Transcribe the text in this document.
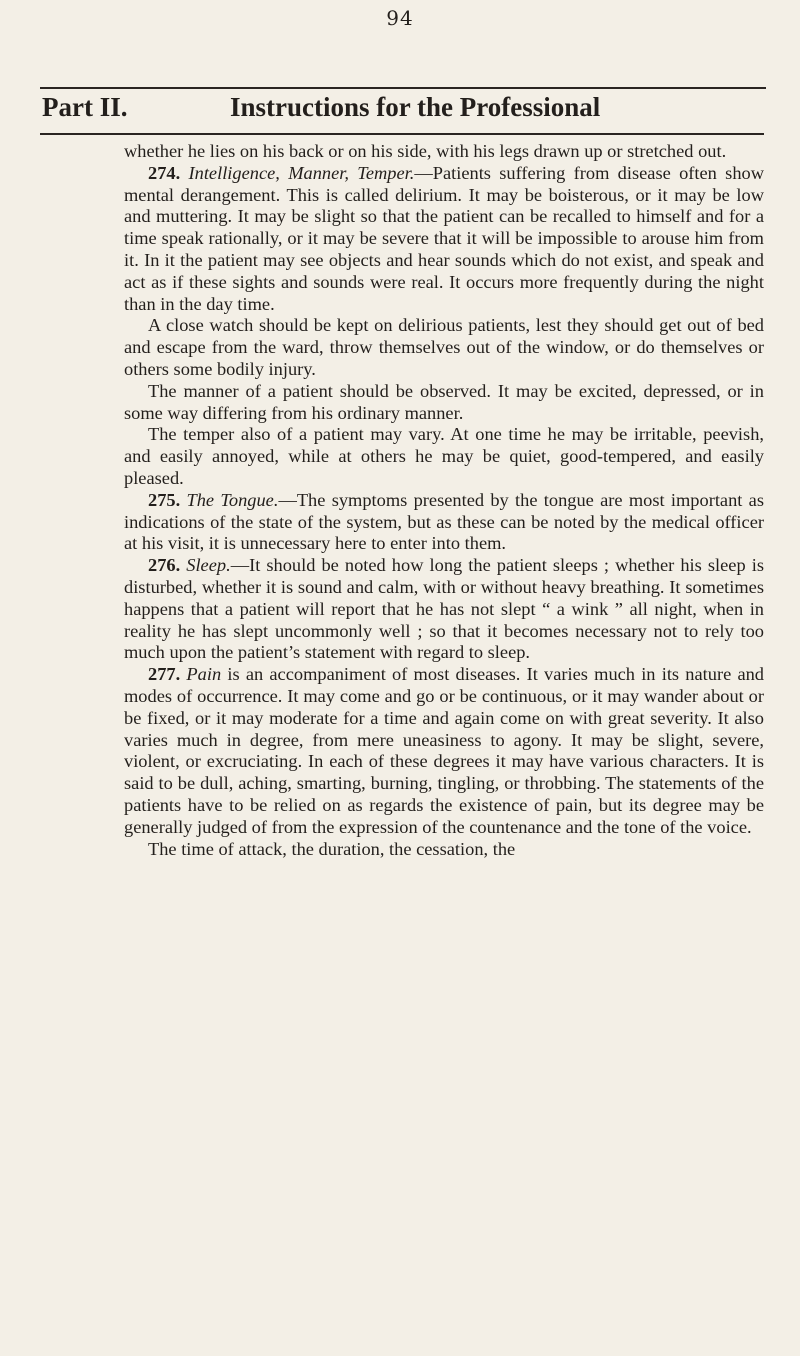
94
Part II.	Instructions for the Professional

whether he lies on his back or on his side, with his legs drawn up or stretched out.

274. Intelligence, Manner, Temper.—Patients suffering from disease often show mental derangement. This is called delirium. It may be boisterous, or it may be low and muttering. It may be slight so that the patient can be recalled to himself and for a time speak rationally, or it may be severe that it will be impossible to arouse him from it. In it the patient may see objects and hear sounds which do not exist, and speak and act as if these sights and sounds were real. It occurs more frequently during the night than in the day time.

A close watch should be kept on delirious patients, lest they should get out of bed and escape from the ward, throw themselves out of the window, or do themselves or others some bodily injury.

The manner of a patient should be observed. It may be excited, depressed, or in some way differing from his ordinary manner.

The temper also of a patient may vary. At one time he may be irritable, peevish, and easily annoyed, while at others he may be quiet, good-tempered, and easily pleased.

275. The Tongue.—The symptoms presented by the tongue are most important as indications of the state of the system, but as these can be noted by the medical officer at his visit, it is unnecessary here to enter into them.

276. Sleep.—It should be noted how long the patient sleeps ; whether his sleep is disturbed, whether it is sound and calm, with or without heavy breathing. It sometimes happens that a patient will report that he has not slept “ a wink ” all night, when in reality he has slept uncommonly well ; so that it becomes necessary not to rely too much upon the patient’s statement with regard to sleep.

277. Pain is an accompaniment of most diseases. It varies much in its nature and modes of occurrence. It may come and go or be continuous, or it may wander about or be fixed, or it may moderate for a time and again come on with great severity. It also varies much in degree, from mere uneasiness to agony. It may be slight, severe, violent, or excruciating. In each of these degrees it may have various characters. It is said to be dull, aching, smarting, burning, tingling, or throbbing. The statements of the patients have to be relied on as regards the existence of pain, but its degree may be generally judged of from the expression of the countenance and the tone of the voice.

The time of attack, the duration, the cessation, the
